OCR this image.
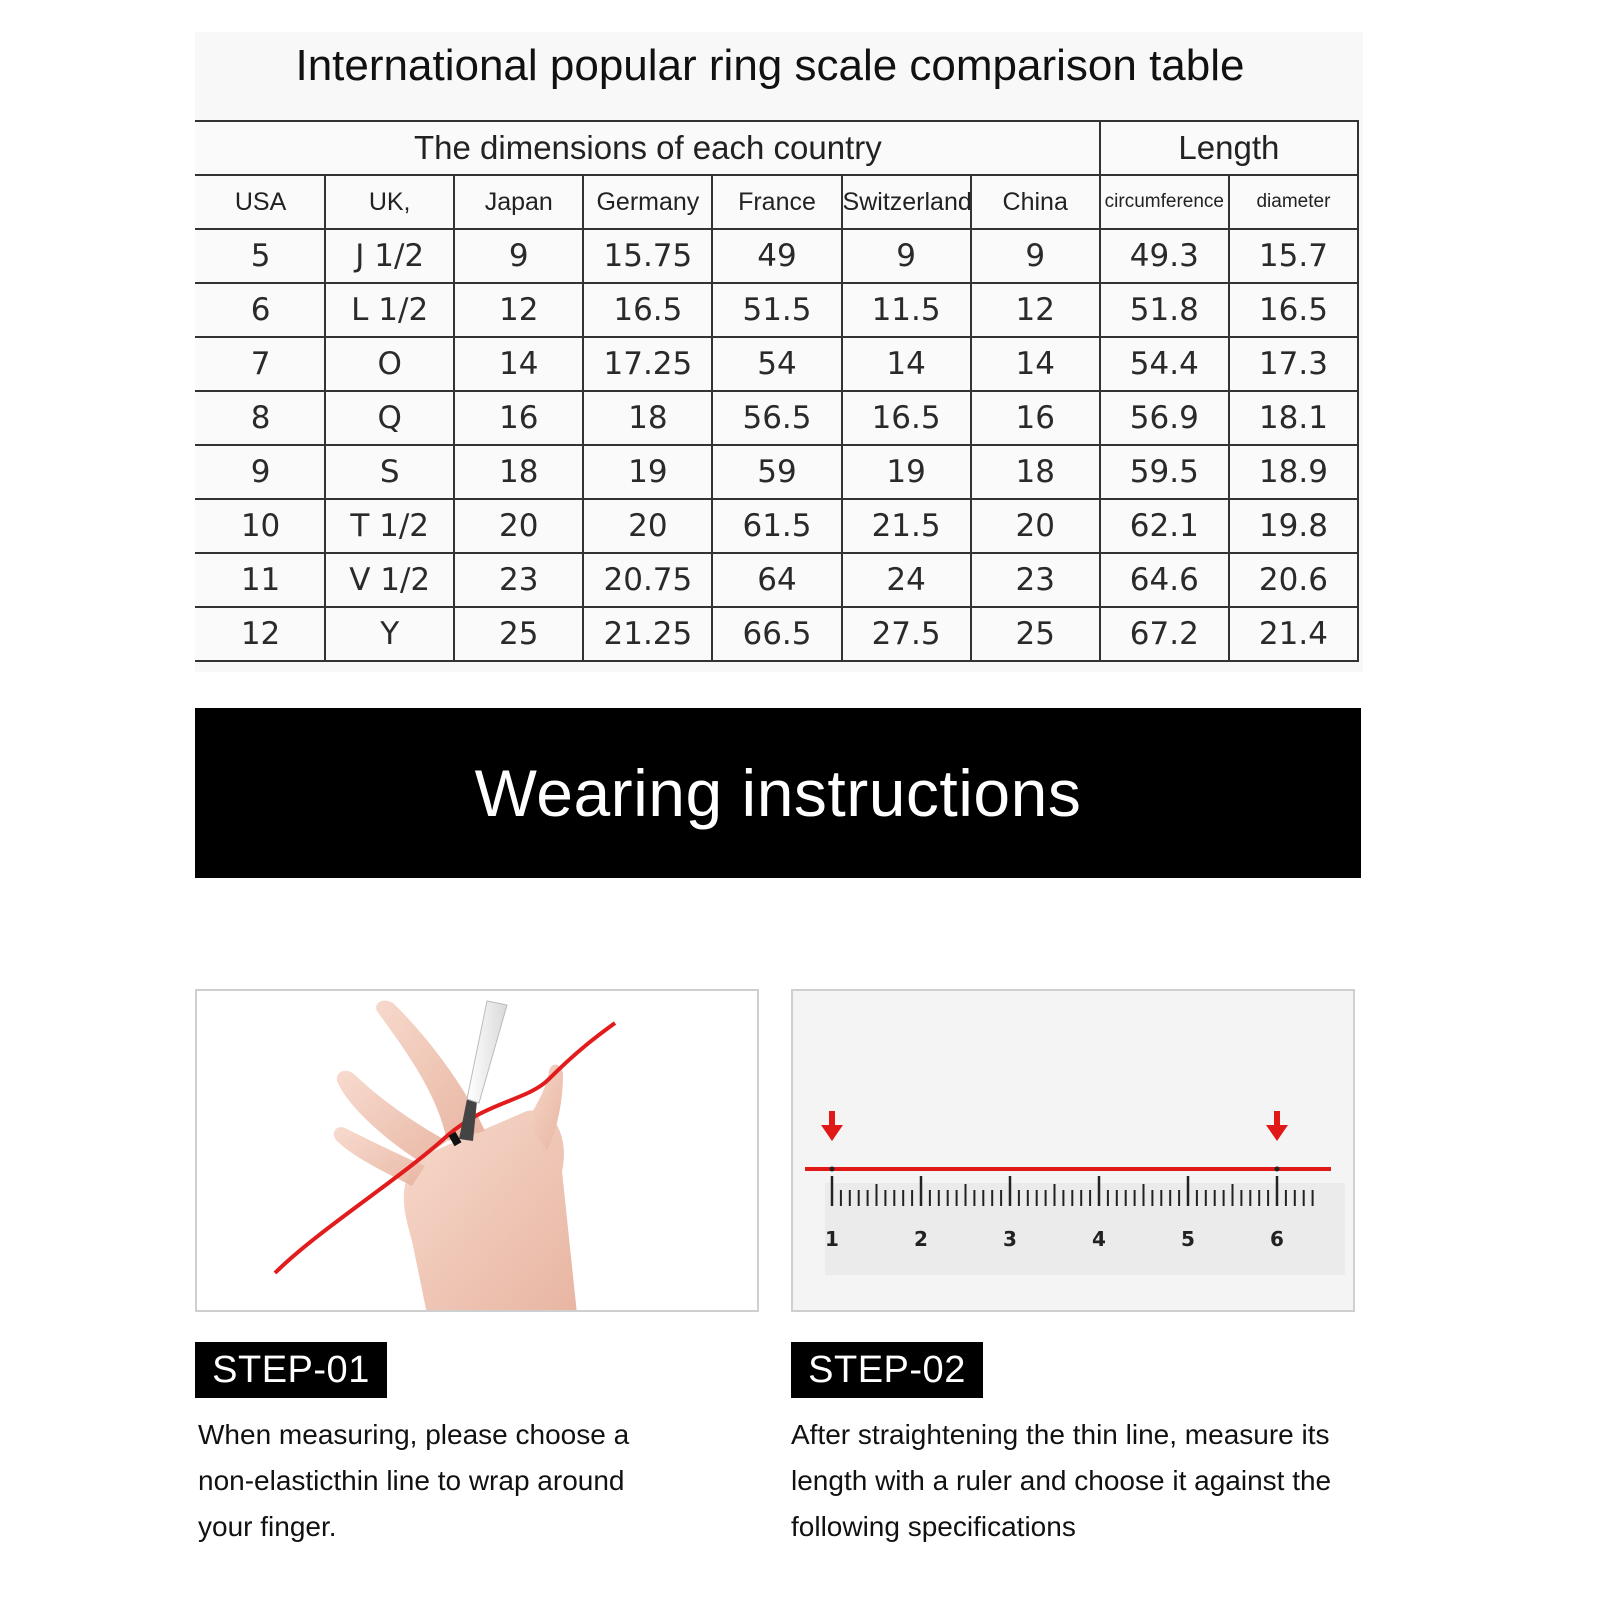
International popular ring scale comparison table
The dimensions of each country							Length	
USA	UK,	Japan	Germany	France	Switzerland	China	circumference	diameter
5	J 1/2	9	15.75	49	9	9	49.3	15.7
6	L 1/2	12	16.5	51.5	11.5	12	51.8	16.5
7	O	14	17.25	54	14	14	54.4	17.3
8	Q	16	18	56.5	16.5	16	56.9	18.1
9	S	18	19	59	19	18	59.5	18.9
10	T 1/2	20	20	61.5	21.5	20	62.1	19.8
11	V 1/2	23	20.75	64	24	23	64.6	20.6
12	Y	25	21.25	66.5	27.5	25	67.2	21.4
Wearing instructions
1	2	3	4	5	6
STEP-01
When measuring, please choose a non-elasticthin line to wrap around your finger.
STEP-02
After straightening the thin line, measure its length with a ruler and choose it against the following specifications
